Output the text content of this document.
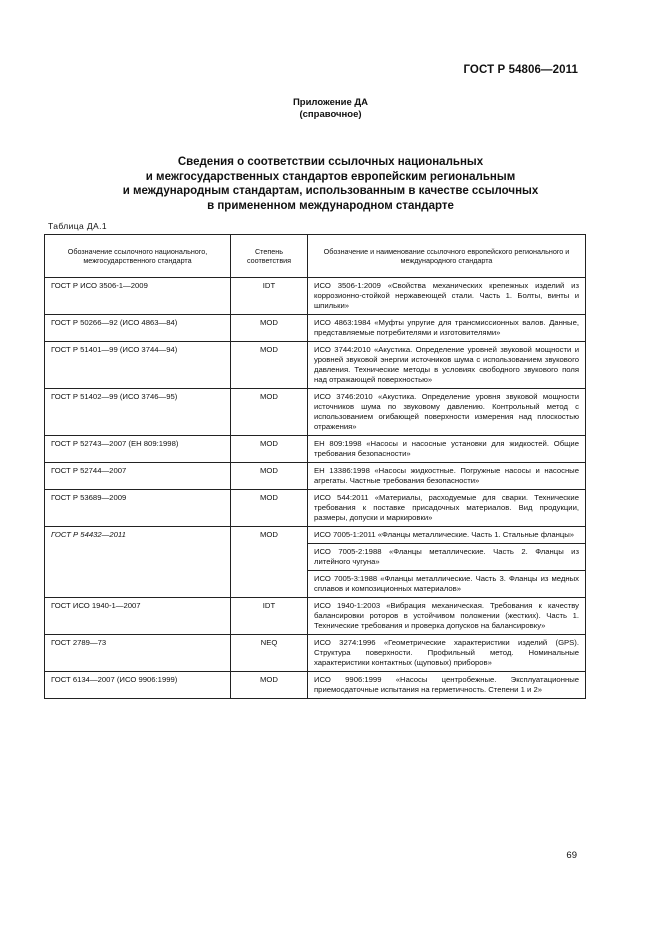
ГОСТ Р 54806—2011
Приложение ДА
(справочное)
Сведения о соответствии ссылочных национальных
и межгосударственных стандартов европейским региональным
и международным стандартам, использованным в качестве ссылочных
в примененном международном стандарте
Таблица ДА.1
Обозначение ссылочного национального, межгосударственного стандарта	Степень соответствия	Обозначение и наименование ссылочного европейского регионального и международного стандарта
ГОСТ Р ИСО 3506-1—2009	IDT	ИСО 3506-1:2009 «Свойства механических крепежных изделий из коррозионно-стойкой нержавеющей стали. Часть 1. Болты, винты и шпильки»
ГОСТ Р 50266—92 (ИСО 4863—84)	MOD	ИСО 4863:1984 «Муфты упругие для трансмиссионных валов. Данные, представляемые потребителями и изготовителями»
ГОСТ Р 51401—99 (ИСО 3744—94)	MOD	ИСО 3744:2010 «Акустика. Определение уровней звуковой мощности и уровней звуковой энергии источников шума с использованием звукового давления. Технические методы в условиях свободного звукового поля над отражающей поверхностью»
ГОСТ Р 51402—99 (ИСО 3746—95)	MOD	ИСО 3746:2010 «Акустика. Определение уровня звуковой мощности источников шума по звуковому давлению. Контрольный метод с использованием огибающей поверхности измерения над плоскостью отражения»
ГОСТ Р 52743—2007 (ЕН 809:1998)	MOD	ЕН 809:1998 «Насосы и насосные установки для жидкостей. Общие требования безопасности»
ГОСТ Р 52744—2007	MOD	ЕН 13386:1998 «Насосы жидкостные. Погружные насосы и насосные агрегаты. Частные требования безопасности»
ГОСТ Р 53689—2009	MOD	ИСО 544:2011 «Материалы, расходуемые для сварки. Технические требования к поставке присадочных материалов. Вид продукции, размеры, допуски и маркировки»
ГОСТ Р 54432—2011	MOD	ИСО 7005-1:2011 «Фланцы металлические. Часть 1. Стальные фланцы»
		ИСО 7005-2:1988 «Фланцы металлические. Часть 2. Фланцы из литейного чугуна»
		ИСО 7005-3:1988 «Фланцы металлические. Часть 3. Фланцы из медных сплавов и композиционных материалов»
ГОСТ ИСО 1940-1—2007	IDT	ИСО 1940-1:2003 «Вибрация механическая. Требования к качеству балансировки роторов в устойчивом положении (жестких). Часть 1. Технические требования и проверка допусков на балансировку»
ГОСТ 2789—73	NEQ	ИСО 3274:1996 «Геометрические характеристики изделий (GPS). Структура поверхности. Профильный метод. Номинальные характеристики контактных (щуповых) приборов»
ГОСТ 6134—2007 (ИСО 9906:1999)	MOD	ИСО 9906:1999 «Насосы центробежные. Эксплуатационные приемосдаточные испытания на герметичность. Степени 1 и 2»
69
